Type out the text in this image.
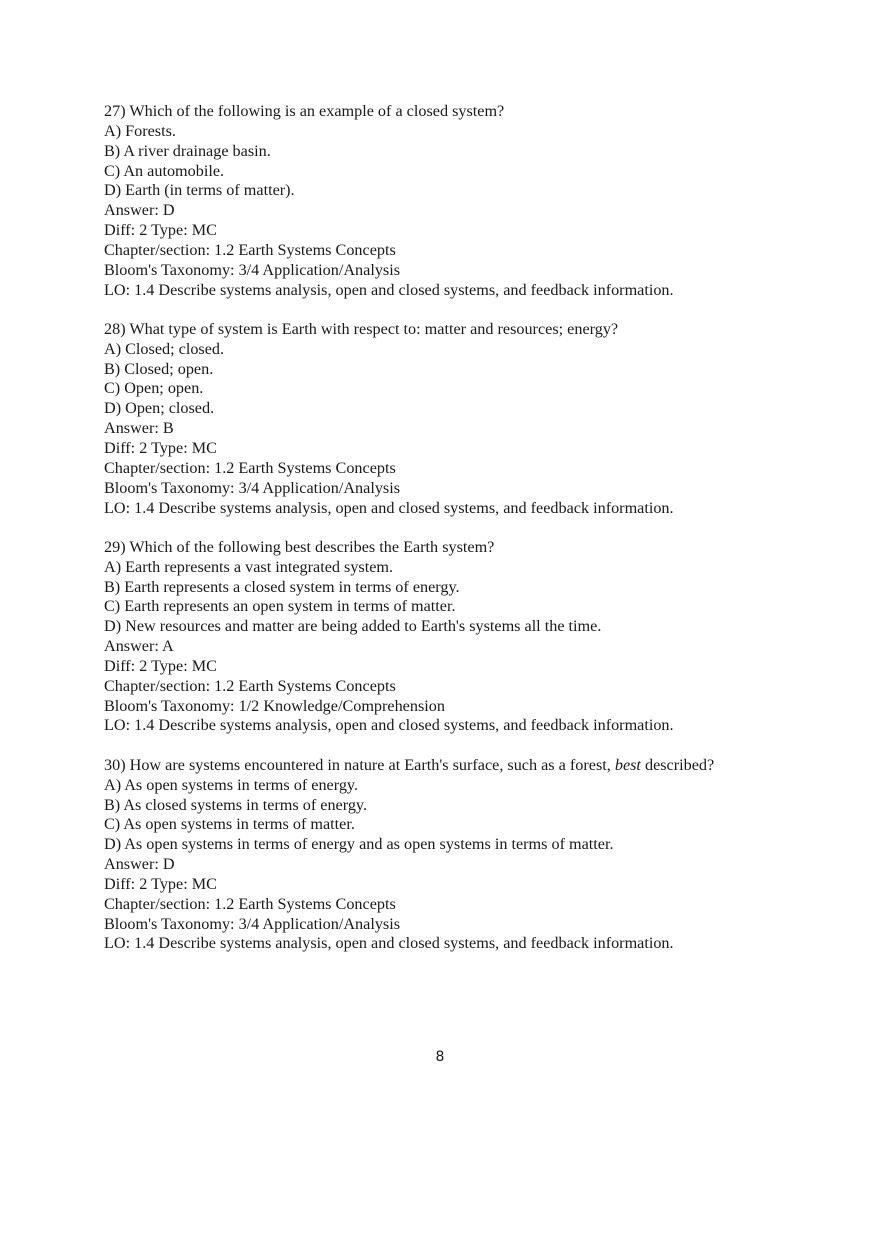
27) Which of the following is an example of a closed system?
A) Forests.
B) A river drainage basin.
C) An automobile.
D) Earth (in terms of matter).
Answer: D
Diff: 2 Type: MC
Chapter/section: 1.2 Earth Systems Concepts
Bloom's Taxonomy: 3/4 Application/Analysis
LO: 1.4 Describe systems analysis, open and closed systems, and feedback information.
28) What type of system is Earth with respect to: matter and resources; energy?
A) Closed; closed.
B) Closed; open.
C) Open; open.
D) Open; closed.
Answer: B
Diff: 2 Type: MC
Chapter/section: 1.2 Earth Systems Concepts
Bloom's Taxonomy: 3/4 Application/Analysis
LO: 1.4 Describe systems analysis, open and closed systems, and feedback information.
29) Which of the following best describes the Earth system?
A) Earth represents a vast integrated system.
B) Earth represents a closed system in terms of energy.
C) Earth represents an open system in terms of matter.
D) New resources and matter are being added to Earth's systems all the time.
Answer: A
Diff: 2 Type: MC
Chapter/section: 1.2 Earth Systems Concepts
Bloom's Taxonomy: 1/2 Knowledge/Comprehension
LO: 1.4 Describe systems analysis, open and closed systems, and feedback information.
30) How are systems encountered in nature at Earth's surface, such as a forest, best described?
A) As open systems in terms of energy.
B) As closed systems in terms of energy.
C) As open systems in terms of matter.
D) As open systems in terms of energy and as open systems in terms of matter.
Answer: D
Diff: 2 Type: MC
Chapter/section: 1.2 Earth Systems Concepts
Bloom's Taxonomy: 3/4 Application/Analysis
LO: 1.4 Describe systems analysis, open and closed systems, and feedback information.
8
